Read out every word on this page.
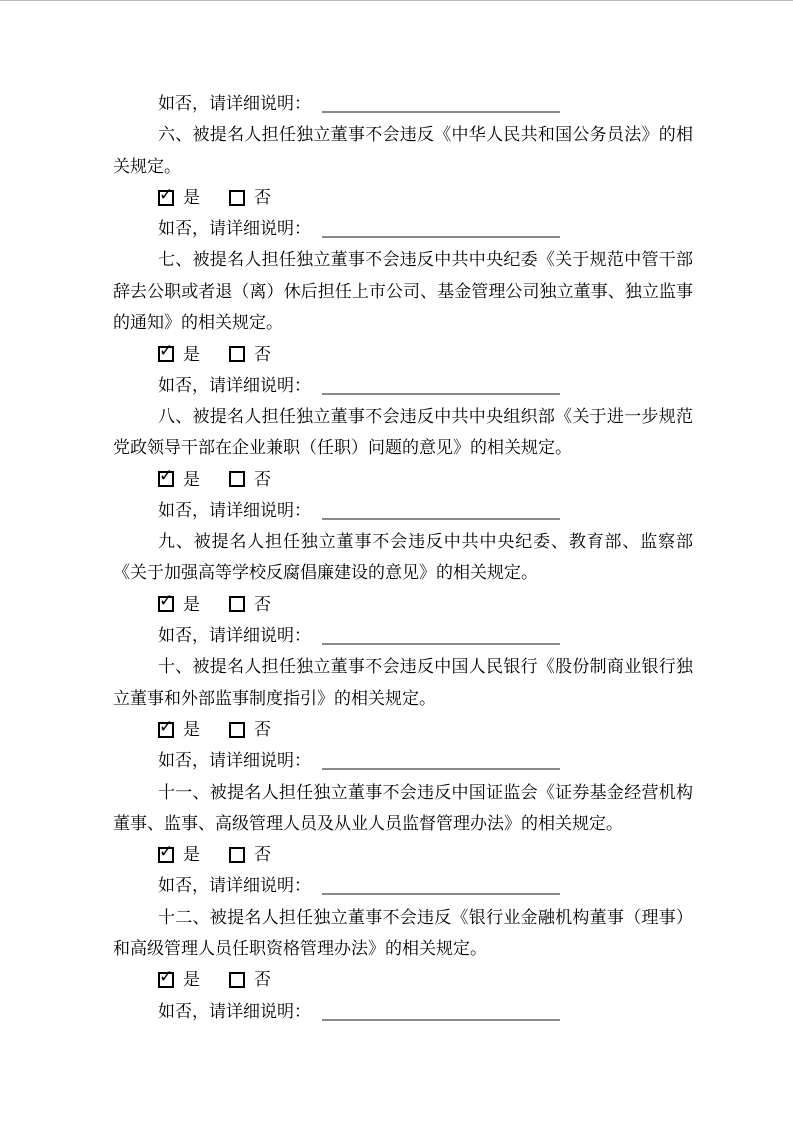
如否，请详细说明：

六、被提名人担任独立董事不会违反《中华人民共和国公务员法》的相关规定。

✓ 是	否
如否，请详细说明：

七、被提名人担任独立董事不会违反中共中央纪委《关于规范中管干部辞去公职或者退（离）休后担任上市公司、基金管理公司独立董事、独立监事的通知》的相关规定。

✓ 是	否
如否，请详细说明：

八、被提名人担任独立董事不会违反中共中央组织部《关于进一步规范党政领导干部在企业兼职（任职）问题的意见》的相关规定。

✓ 是	否
如否，请详细说明：

九、被提名人担任独立董事不会违反中共中央纪委、教育部、监察部《关于加强高等学校反腐倡廉建设的意见》的相关规定。

✓ 是	否
如否，请详细说明：

十、被提名人担任独立董事不会违反中国人民银行《股份制商业银行独立董事和外部监事制度指引》的相关规定。

✓ 是	否
如否，请详细说明：

十一、被提名人担任独立董事不会违反中国证监会《证券基金经营机构董事、监事、高级管理人员及从业人员监督管理办法》的相关规定。

✓ 是	否
如否，请详细说明：

十二、被提名人担任独立董事不会违反《银行业金融机构董事（理事）和高级管理人员任职资格管理办法》的相关规定。

✓ 是	否
如否，请详细说明：
